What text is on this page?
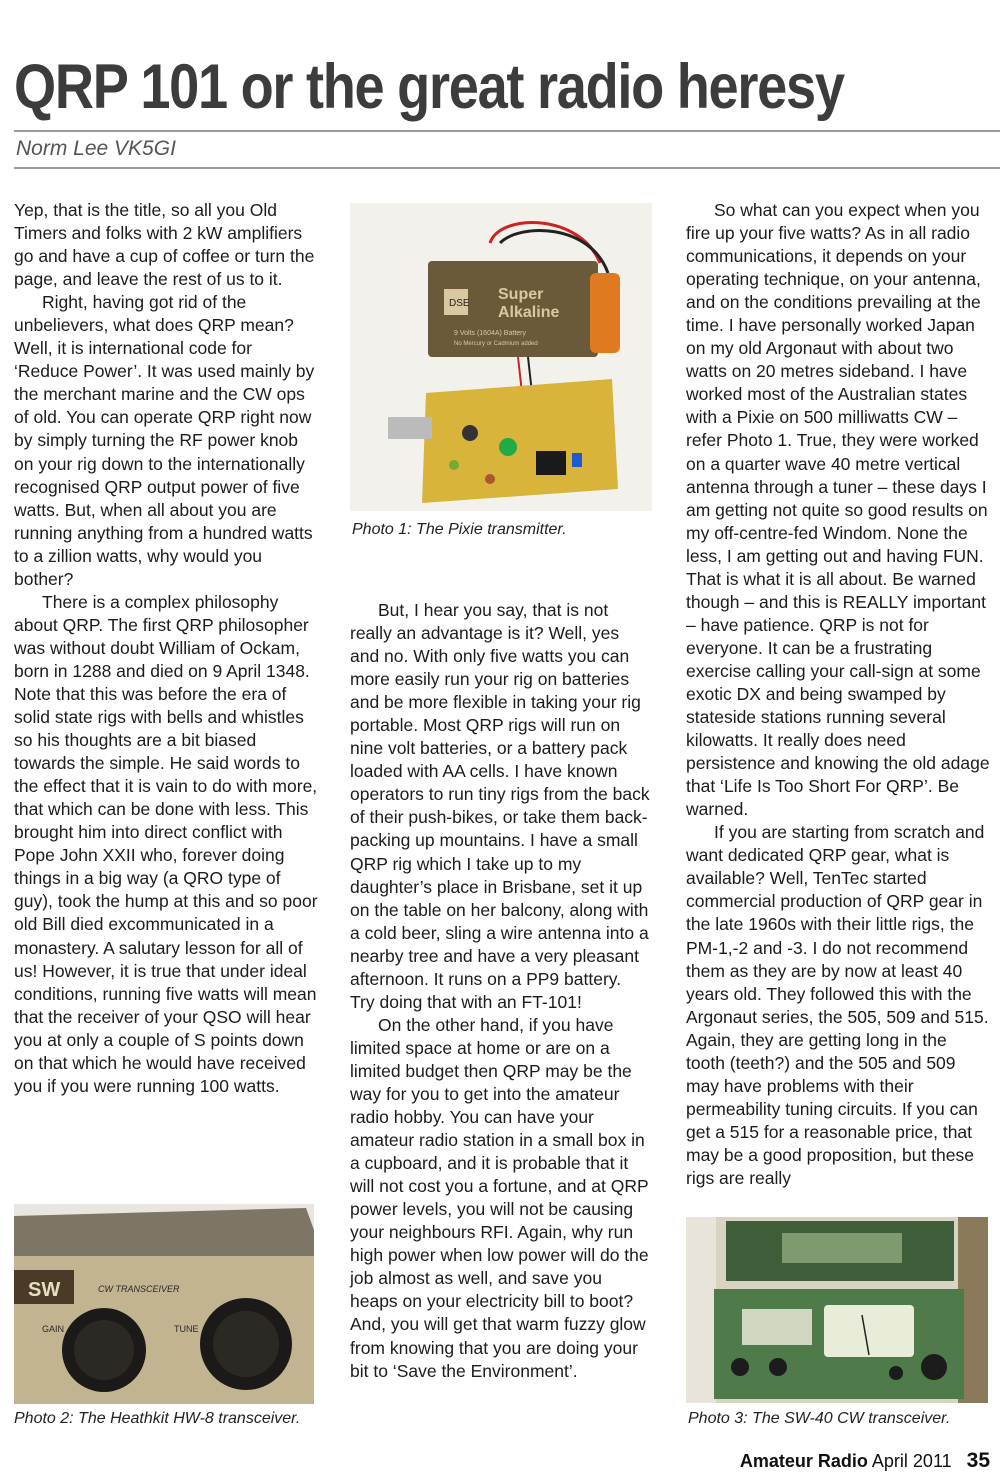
QRP 101 or the great radio heresy
Norm Lee VK5GI

Yep, that is the title, so all you Old Timers and folks with 2 kW amplifiers go and have a cup of coffee or turn the page, and leave the rest of us to it.

Right, having got rid of the unbelievers, what does QRP mean? Well, it is international code for ‘Reduce Power’. It was used mainly by the merchant marine and the CW ops of old. You can operate QRP right now by simply turning the RF power knob on your rig down to the internationally recognised QRP output power of five watts. But, when all about you are running anything from a hundred watts to a zillion watts, why would you bother?

There is a complex philosophy about QRP. The first QRP philosopher was without doubt William of Ockam, born in 1288 and died on 9 April 1348. Note that this was before the era of solid state rigs with bells and whistles so his thoughts are a bit biased towards the simple. He said words to the effect that it is vain to do with more, that which can be done with less. This brought him into direct conflict with Pope John XXII who, forever doing things in a big way (a QRO type of guy), took the hump at this and so poor old Bill died excommunicated in a monastery. A salutary lesson for all of us! However, it is true that under ideal conditions, running five watts will mean that the receiver of your QSO will hear you at only a couple of S points down on that which he would have received you if you were running 100 watts.

But, I hear you say, that is not really an advantage is it? Well, yes and no. With only five watts you can more easily run your rig on batteries and be more flexible in taking your rig portable. Most QRP rigs will run on nine volt batteries, or a battery pack loaded with AA cells. I have known operators to run tiny rigs from the back of their push-bikes, or take them back-packing up mountains. I have a small QRP rig which I take up to my daughter’s place in Brisbane, set it up on the table on her balcony, along with a cold beer, sling a wire antenna into a nearby tree and have a very pleasant afternoon. It runs on a PP9 battery. Try doing that with an FT-101!

On the other hand, if you have limited space at home or are on a limited budget then QRP may be the way for you to get into the amateur radio hobby. You can have your amateur radio station in a small box in a cupboard, and it is probable that it will not cost you a fortune, and at QRP power levels, you will not be causing your neighbours RFI. Again, why run high power when low power will do the job almost as well, and save you heaps on your electricity bill to boot? And, you will get that warm fuzzy glow from knowing that you are doing your bit to ‘Save the Environment’.

So what can you expect when you fire up your five watts? As in all radio communications, it depends on your operating technique, on your antenna, and on the conditions prevailing at the time. I have personally worked Japan on my old Argonaut with about two watts on 20 metres sideband. I have worked most of the Australian states with a Pixie on 500 milliwatts CW – refer Photo 1. True, they were worked on a quarter wave 40 metre vertical antenna through a tuner – these days I am getting not quite so good results on my off-centre-fed Windom. None the less, I am getting out and having FUN. That is what it is all about. Be warned though – and this is REALLY important – have patience. QRP is not for everyone. It can be a frustrating exercise calling your call-sign at some exotic DX and being swamped by stateside stations running several kilowatts. It really does need persistence and knowing the old adage that ‘Life Is Too Short For QRP’. Be warned.

If you are starting from scratch and want dedicated QRP gear, what is available? Well, TenTec started commercial production of QRP gear in the late 1960s with their little rigs, the PM-1,-2 and -3. I do not recommend them as they are by now at least 40 years old. They followed this with the Argonaut series, the 505, 509 and 515. Again, they are getting long in the tooth (teeth?) and the 505 and 509 may have problems with their permeability tuning circuits. If you can get a 515 for a reasonable price, that may be a good proposition, but these rigs are really

DSE
Super
Alkaline
9 Volts (1604A) Battery
No Mercury or Cadmium added
Photo 1: The Pixie transmitter.
SW	CW TRANSCEIVER
GAIN	TUNE
Photo 2: The Heathkit HW-8 transceiver.	Photo 3: The SW-40 CW transceiver.
Amateur Radio April 2011 35
